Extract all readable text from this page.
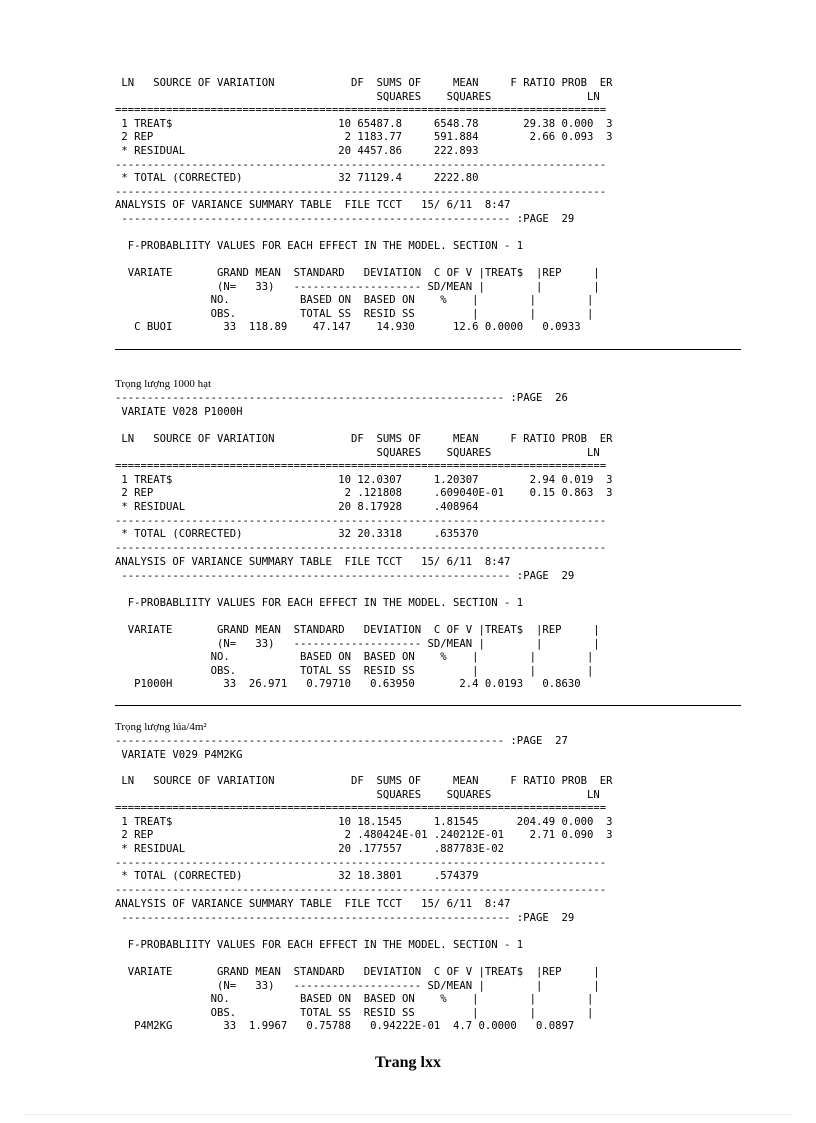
LN   SOURCE OF VARIATION            DF  SUMS OF     MEAN     F RATIO PROB  ER
SQUARES    SQUARES               LN
=============================================================================
1 TREAT$                          10 65487.8     6548.78       29.38 0.000  3
2 REP                              2 1183.77     591.884        2.66 0.093  3
* RESIDUAL                        20 4457.86     222.893
-----------------------------------------------------------------------------
* TOTAL (CORRECTED)               32 71129.4     2222.80
-----------------------------------------------------------------------------
ANALYSIS OF VARIANCE SUMMARY TABLE  FILE TCCT   15/ 6/11  8:47
------------------------------------------------------------- :PAGE  29
F-PROBABLIITY VALUES FOR EACH EFFECT IN THE MODEL. SECTION - 1
VARIATE       GRAND MEAN  STANDARD   DEVIATION  C OF V |TREAT$  |REP     |
(N=   33)   -------------------- SD/MEAN |        |        |
NO.           BASED ON  BASED ON    %    |        |        |
OBS.          TOTAL SS  RESID SS         |        |        |
C BUOI        33  118.89    47.147    14.930      12.6 0.0000   0.0933
Trọng lượng 1000 hạt
------------------------------------------------------------- :PAGE  26
VARIATE V028 P1000H
LN   SOURCE OF VARIATION            DF  SUMS OF     MEAN     F RATIO PROB  ER
SQUARES    SQUARES               LN
=============================================================================
1 TREAT$                          10 12.0307     1.20307        2.94 0.019  3
2 REP                              2 .121808     .609040E-01    0.15 0.863  3
* RESIDUAL                        20 8.17928     .408964
-----------------------------------------------------------------------------
* TOTAL (CORRECTED)               32 20.3318     .635370
-----------------------------------------------------------------------------
ANALYSIS OF VARIANCE SUMMARY TABLE  FILE TCCT   15/ 6/11  8:47
------------------------------------------------------------- :PAGE  29
F-PROBABLIITY VALUES FOR EACH EFFECT IN THE MODEL. SECTION - 1
VARIATE       GRAND MEAN  STANDARD   DEVIATION  C OF V |TREAT$  |REP     |
(N=   33)   -------------------- SD/MEAN |        |        |
NO.           BASED ON  BASED ON    %    |        |        |
OBS.          TOTAL SS  RESID SS         |        |        |
P1000H        33  26.971   0.79710   0.63950       2.4 0.0193   0.8630
Trọng lượng lúa/4m²
------------------------------------------------------------- :PAGE  27
VARIATE V029 P4M2KG
LN   SOURCE OF VARIATION            DF  SUMS OF     MEAN     F RATIO PROB  ER
SQUARES    SQUARES               LN
=============================================================================
1 TREAT$                          10 18.1545     1.81545      204.49 0.000  3
2 REP                              2 .480424E-01 .240212E-01    2.71 0.090  3
* RESIDUAL                        20 .177557     .887783E-02
-----------------------------------------------------------------------------
* TOTAL (CORRECTED)               32 18.3801     .574379
-----------------------------------------------------------------------------
ANALYSIS OF VARIANCE SUMMARY TABLE  FILE TCCT   15/ 6/11  8:47
------------------------------------------------------------- :PAGE  29
F-PROBABLIITY VALUES FOR EACH EFFECT IN THE MODEL. SECTION - 1
VARIATE       GRAND MEAN  STANDARD   DEVIATION  C OF V |TREAT$  |REP     |
(N=   33)   -------------------- SD/MEAN |        |        |
NO.           BASED ON  BASED ON    %    |        |        |
OBS.          TOTAL SS  RESID SS         |        |        |
P4M2KG        33  1.9967   0.75788   0.94222E-01  4.7 0.0000   0.0897
Trang lxx
